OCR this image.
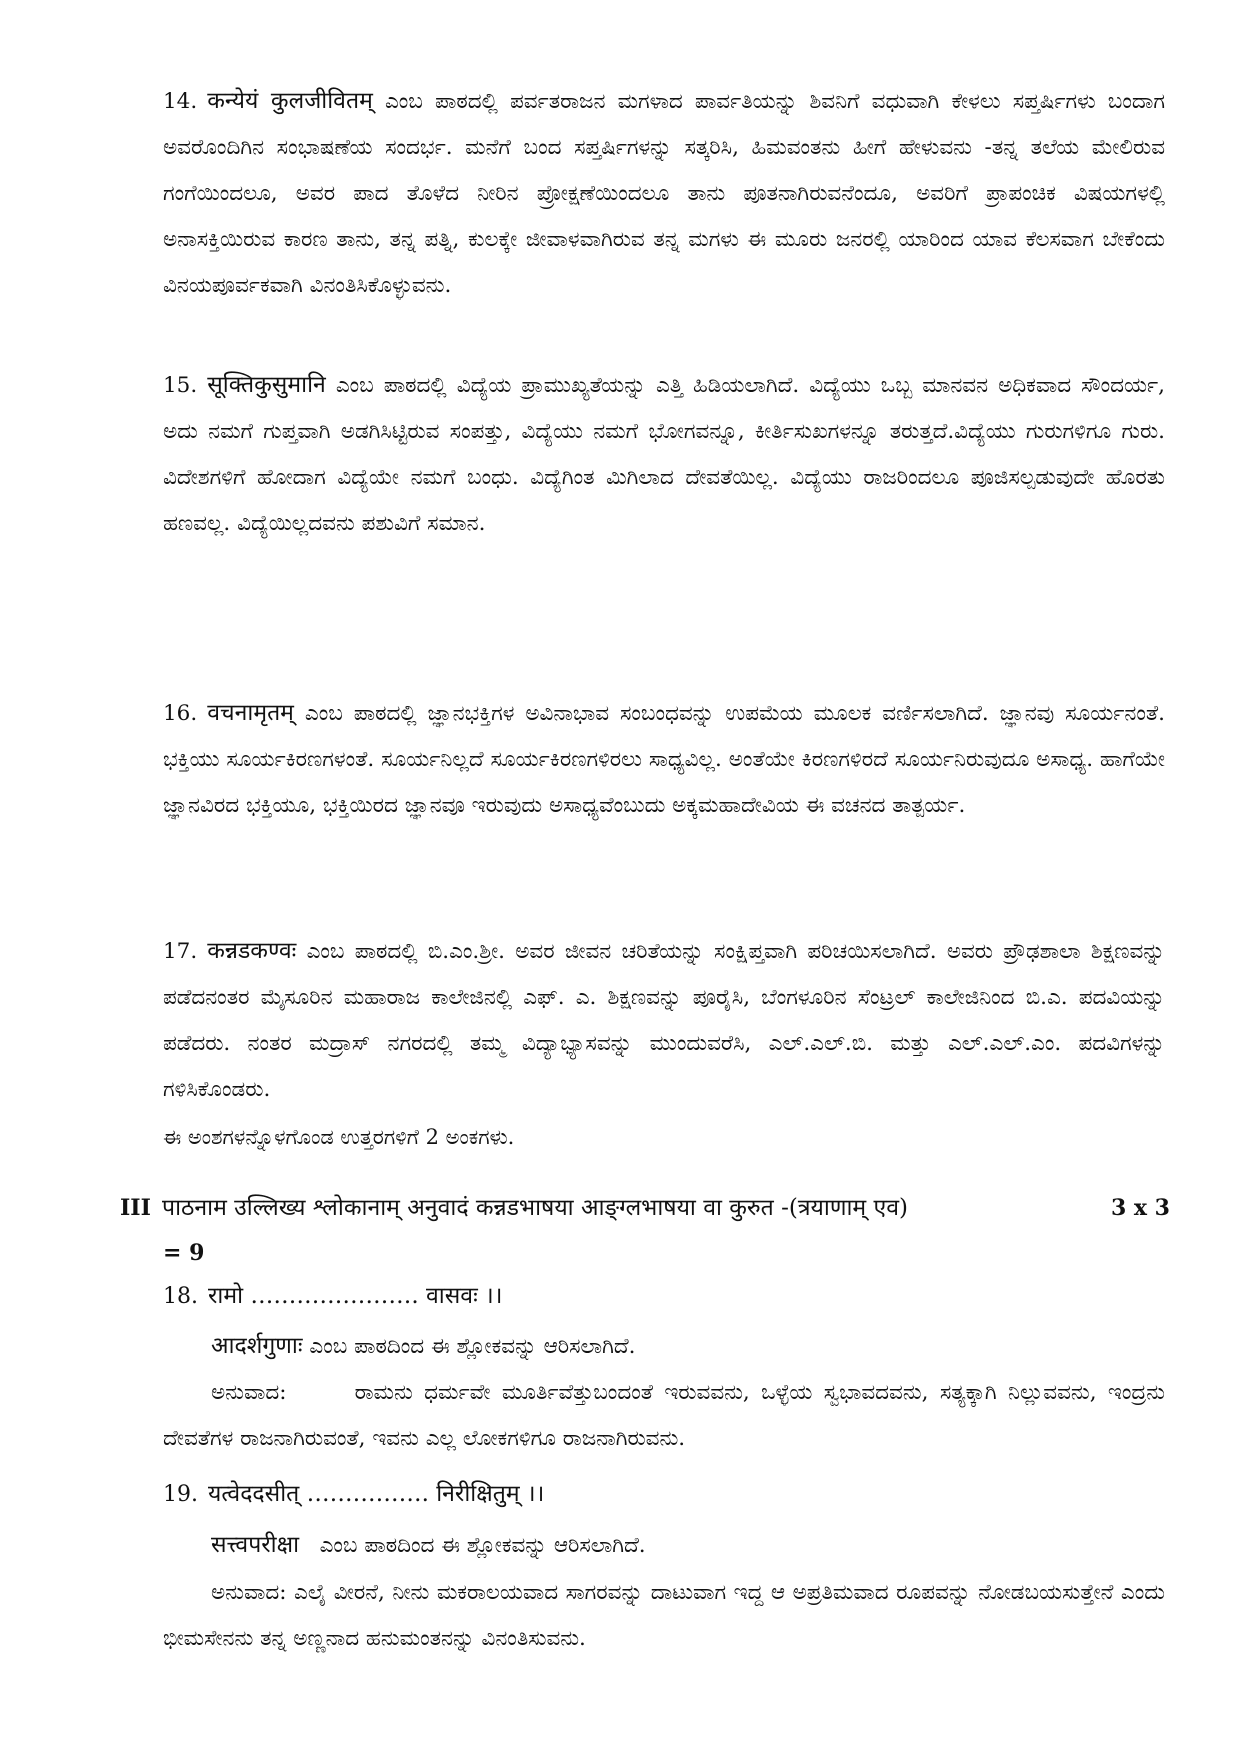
14. कन्येयं कुलजीवितम् ಎಂಬ ಪಾಠದಲ್ಲಿ ಪರ್ವತರಾಜನ ಮಗಳಾದ ಪಾರ್ವತಿಯನ್ನು ಶಿವನಿಗೆ ವಧುವಾಗಿ ಕೇಳಲು ಸಪ್ತರ್ಷಿಗಳು ಬಂದಾಗ ಅವರೊಂದಿಗಿನ ಸಂಭಾಷಣೆಯ ಸಂದರ್ಭ. ಮನೆಗೆ ಬಂದ ಸಪ್ತರ್ಷಿಗಳನ್ನು ಸತ್ಕರಿಸಿ, ಹಿಮವಂತನು ಹೀಗೆ ಹೇಳುವನು -ತನ್ನ ತಲೆಯ ಮೇಲಿರುವ ಗಂಗೆಯಿಂದಲೂ, ಅವರ ಪಾದ ತೊಳೆದ ನೀರಿನ ಪ್ರೋಕ್ಷಣೆಯಿಂದಲೂ ತಾನು ಪೂತನಾಗಿರುವನೆಂದೂ, ಅವರಿಗೆ ಪ್ರಾಪಂಚಿಕ ವಿಷಯಗಳಲ್ಲಿ ಅನಾಸಕ್ತಿಯಿರುವ ಕಾರಣ ತಾನು, ತನ್ನ ಪತ್ನಿ, ಕುಲಕ್ಕೇ ಜೀವಾಳವಾಗಿರುವ ತನ್ನ ಮಗಳು ಈ ಮೂರು ಜನರಲ್ಲಿ ಯಾರಿಂದ ಯಾವ ಕೆಲಸವಾಗ ಬೇಕೆಂದು ವಿನಯಪೂರ್ವಕವಾಗಿ ವಿನಂತಿಸಿಕೊಳ್ಳುವನು.
15. सूक्तिकुसुमानि ಎಂಬ ಪಾಠದಲ್ಲಿ ವಿದ್ಯೆಯ ಪ್ರಾಮುಖ್ಯತೆಯನ್ನು ಎತ್ತಿ ಹಿಡಿಯಲಾಗಿದೆ. ವಿದ್ಯೆಯು ಒಬ್ಬ ಮಾನವನ ಅಧಿಕವಾದ ಸೌಂದರ್ಯ, ಅದು ನಮಗೆ ಗುಪ್ತವಾಗಿ ಅಡಗಿಸಿಟ್ಟಿರುವ ಸಂಪತ್ತು, ವಿದ್ಯೆಯು ನಮಗೆ ಭೋಗವನ್ನೂ, ಕೀರ್ತಿಸುಖಗಳನ್ನೂ ತರುತ್ತದೆ.ವಿದ್ಯೆಯು ಗುರುಗಳಿಗೂ ಗುರು. ವಿದೇಶಗಳಿಗೆ ಹೋದಾಗ ವಿದ್ಯೆಯೇ ನಮಗೆ ಬಂಧು. ವಿದ್ಯೆಗಿಂತ ಮಿಗಿಲಾದ ದೇವತೆಯಿಲ್ಲ. ವಿದ್ಯೆಯು ರಾಜರಿಂದಲೂ ಪೂಜಿಸಲ್ಪಡುವುದೇ ಹೊರತು ಹಣವಲ್ಲ. ವಿದ್ಯೆಯಿಲ್ಲದವನು ಪಶುವಿಗೆ ಸಮಾನ.
16. वचनामृतम् ಎಂಬ ಪಾಠದಲ್ಲಿ ಜ್ಞಾನಭಕ್ತಿಗಳ ಅವಿನಾಭಾವ ಸಂಬಂಧವನ್ನು ಉಪಮೆಯ ಮೂಲಕ ವರ್ಣಿಸಲಾಗಿದೆ. ಜ್ಞಾನವು ಸೂರ್ಯನಂತೆ. ಭಕ್ತಿಯು ಸೂರ್ಯಕಿರಣಗಳಂತೆ. ಸೂರ್ಯನಿಲ್ಲದೆ ಸೂರ್ಯಕಿರಣಗಳಿರಲು ಸಾಧ್ಯವಿಲ್ಲ. ಅಂತೆಯೇ ಕಿರಣಗಳಿರದೆ ಸೂರ್ಯನಿರುವುದೂ ಅಸಾಧ್ಯ. ಹಾಗೆಯೇ ಜ್ಞಾನವಿರದ ಭಕ್ತಿಯೂ, ಭಕ್ತಿಯಿರದ ಜ್ಞಾನವೂ ಇರುವುದು ಅಸಾಧ್ಯವೆಂಬುದು ಅಕ್ಕಮಹಾದೇವಿಯ ಈ ವಚನದ ತಾತ್ಪರ್ಯ.
17. कन्नडकण्वः ಎಂಬ ಪಾಠದಲ್ಲಿ ಬಿ.ಎಂ.ಶ್ರೀ. ಅವರ ಜೀವನ ಚರಿತೆಯನ್ನು ಸಂಕ್ಷಿಪ್ತವಾಗಿ ಪರಿಚಯಿಸಲಾಗಿದೆ. ಅವರು ಪ್ರೌಢಶಾಲಾ ಶಿಕ್ಷಣವನ್ನು ಪಡೆದನಂತರ ಮೈಸೂರಿನ ಮಹಾರಾಜ ಕಾಲೇಜಿನಲ್ಲಿ ಎಫ್. ಎ. ಶಿಕ್ಷಣವನ್ನು ಪೂರೈಸಿ, ಬೆಂಗಳೂರಿನ ಸೆಂಟ್ರಲ್ ಕಾಲೇಜಿನಿಂದ ಬಿ.ಎ. ಪದವಿಯನ್ನು ಪಡೆದರು. ನಂತರ ಮದ್ರಾಸ್ ನಗರದಲ್ಲಿ ತಮ್ಮ ವಿದ್ಯಾಭ್ಯಾಸವನ್ನು ಮುಂದುವರೆಸಿ, ಎಲ್.ಎಲ್.ಬಿ. ಮತ್ತು ಎಲ್.ಎಲ್.ಎಂ. ಪದವಿಗಳನ್ನು ಗಳಿಸಿಕೊಂಡರು.
ಈ ಅಂಶಗಳನ್ನೊಳಗೊಂಡ ಉತ್ತರಗಳಿಗೆ 2 ಅಂಕಗಳು.
III पाठनाम उल्लिख्य श्लोकानाम् अनुवादं कन्नडभाषया आङ्ग्लभाषया वा कुरुत -(त्रयाणाम् एव)	3 x 3
= 9
18. रामो …………………. वासवः ।।
आदर्शगुणाः ಎಂಬ ಪಾಠದಿಂದ ಈ ಶ್ಲೋಕವನ್ನು ಆರಿಸಲಾಗಿದೆ.
ಅನುವಾದ:	ರಾಮನು ಧರ್ಮವೇ ಮೂರ್ತಿವೆತ್ತುಬಂದಂತೆ ಇರುವವನು, ಒಳ್ಳೆಯ ಸ್ವಭಾವದವನು, ಸತ್ಯಕ್ಕಾಗಿ ನಿಲ್ಲುವವನು, ಇಂದ್ರನು ದೇವತೆಗಳ ರಾಜನಾಗಿರುವಂತೆ, ಇವನು ಎಲ್ಲ ಲೋಕಗಳಿಗೂ ರಾಜನಾಗಿರುವನು.
19. यत्वेददसीत् ……………. निरीक्षितुम् ।।
सत्त्वपरीक्षा ಎಂಬ ಪಾಠದಿಂದ ಈ ಶ್ಲೋಕವನ್ನು ಆರಿಸಲಾಗಿದೆ.
ಅನುವಾದ: ಎಲೈ ವೀರನೆ, ನೀನು ಮಕರಾಲಯವಾದ ಸಾಗರವನ್ನು ದಾಟುವಾಗ ಇದ್ದ ಆ ಅಪ್ರತಿಮವಾದ ರೂಪವನ್ನು ನೋಡಬಯಸುತ್ತೇನೆ ಎಂದು ಭೀಮಸೇನನು ತನ್ನ ಅಣ್ಣನಾದ ಹನುಮಂತನನ್ನು ವಿನಂತಿಸುವನು.
